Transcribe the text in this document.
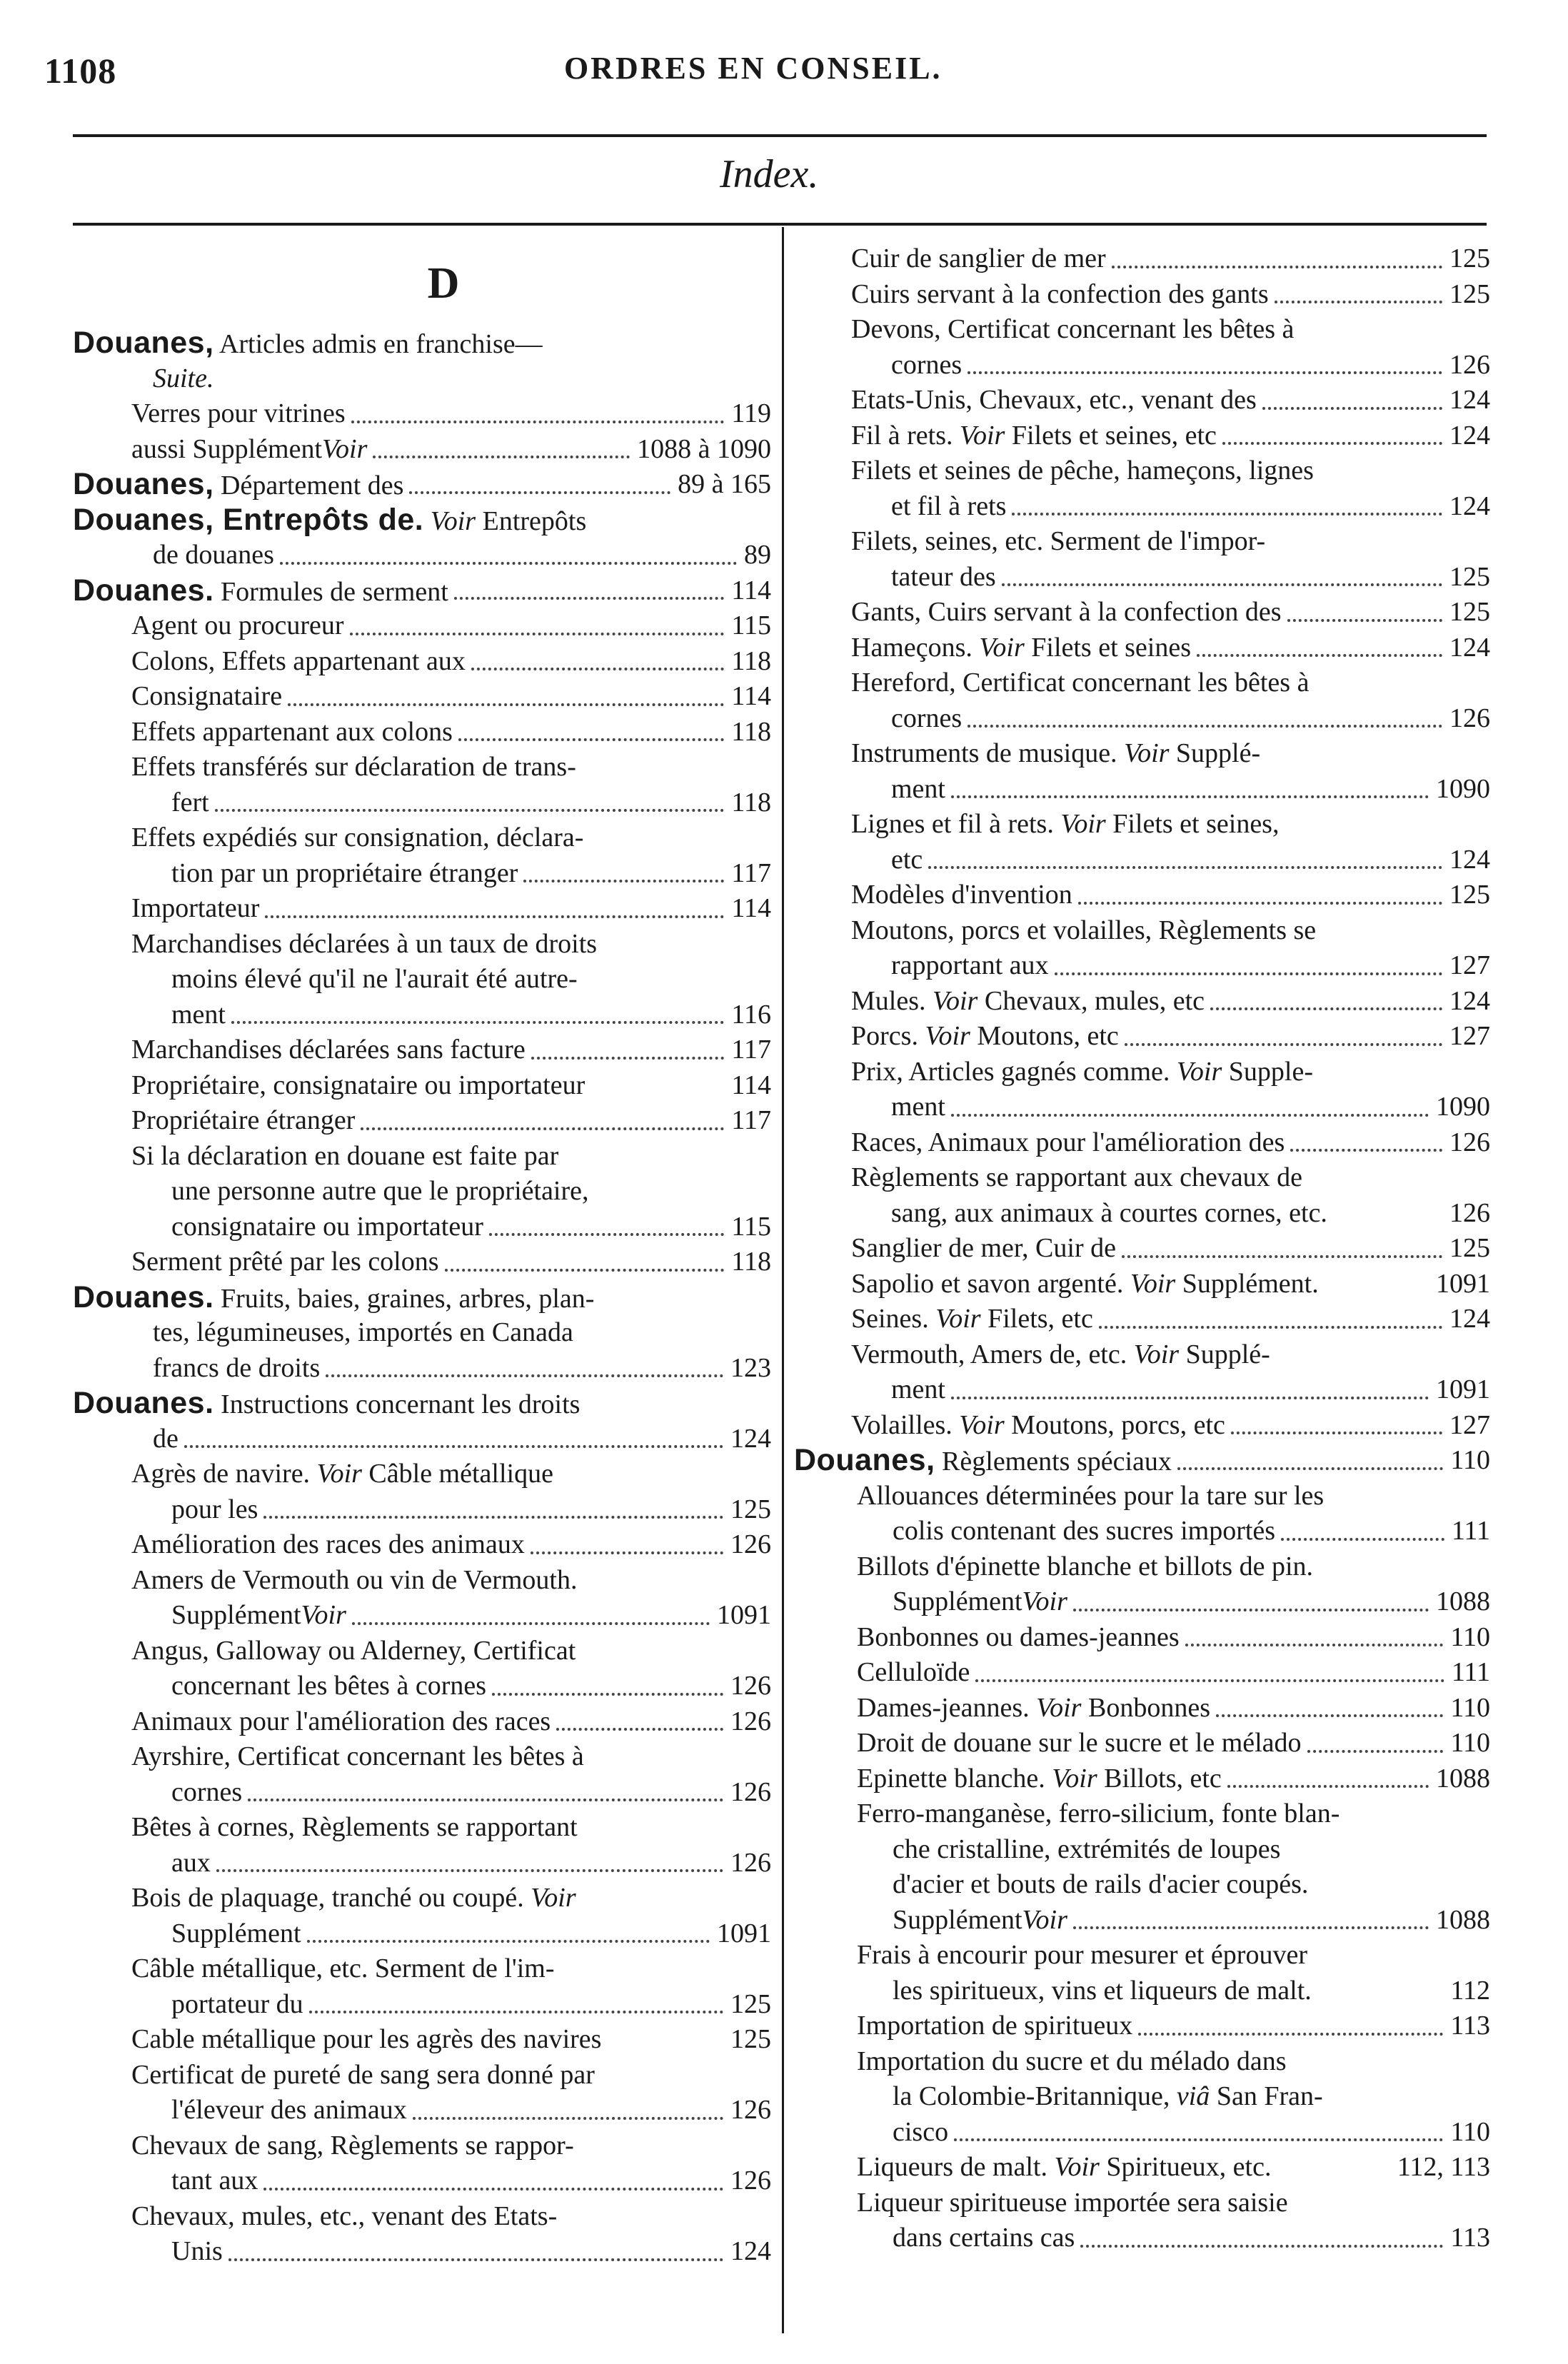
1108	ORDRES EN CONSEIL.
Index.
D
Douanes, Articles admis en franchise—
Suite.
Verres pour vitrines	119
aussi SupplémentVoir	1088 à 1090
Douanes, Département des	89 à 165
Douanes, Entrepôts de. Voir Entrepôts
de douanes	89
Douanes. Formules de serment	114
Agent ou procureur	115
Colons, Effets appartenant aux	118
Consignataire	114
Effets appartenant aux colons	118
Effets transférés sur déclaration de trans-
fert	118
Effets expédiés sur consignation, déclara-
tion par un propriétaire étranger	117
Importateur	114
Marchandises déclarées à un taux de droits
moins élevé qu'il ne l'aurait été autre-
ment	116
Marchandises déclarées sans facture	117
Propriétaire, consignataire ou importateur	114
Propriétaire étranger	117
Si la déclaration en douane est faite par
une personne autre que le propriétaire,
consignataire ou importateur	115
Serment prêté par les colons	118
Douanes. Fruits, baies, graines, arbres, plan-
tes, légumineuses, importés en Canada
francs de droits	123
Douanes. Instructions concernant les droits
de	124
Agrès de navire. Voir Câble métallique
pour les	125
Amélioration des races des animaux	126
Amers de Vermouth ou vin de Vermouth.
SupplémentVoir	1091
Angus, Galloway ou Alderney, Certificat
concernant les bêtes à cornes	126
Animaux pour l'amélioration des races	126
Ayrshire, Certificat concernant les bêtes à
cornes	126
Bêtes à cornes, Règlements se rapportant
aux	126
Bois de plaquage, tranché ou coupé. Voir
Supplément	1091
Câble métallique, etc. Serment de l'im-
portateur du	125
Cable métallique pour les agrès des navires	125
Certificat de pureté de sang sera donné par
l'éleveur des animaux	126
Chevaux de sang, Règlements se rappor-
tant aux	126
Chevaux, mules, etc., venant des Etats-
Unis	124
Cuir de sanglier de mer	125
Cuirs servant à la confection des gants	125
Devons, Certificat concernant les bêtes à
cornes	126
Etats-Unis, Chevaux, etc., venant des	124
Fil à rets. Voir Filets et seines, etc	124
Filets et seines de pêche, hameçons, lignes
et fil à rets	124
Filets, seines, etc. Serment de l'impor-
tateur des	125
Gants, Cuirs servant à la confection des	125
Hameçons. Voir Filets et seines	124
Hereford, Certificat concernant les bêtes à
cornes	126
Instruments de musique. Voir Supplé-
ment	1090
Lignes et fil à rets. Voir Filets et seines,
etc	124
Modèles d'invention	125
Moutons, porcs et volailles, Règlements se
rapportant aux	127
Mules. Voir Chevaux, mules, etc	124
Porcs. Voir Moutons, etc	127
Prix, Articles gagnés comme. Voir Supple-
ment	1090
Races, Animaux pour l'amélioration des	126
Règlements se rapportant aux chevaux de
sang, aux animaux à courtes cornes, etc.	126
Sanglier de mer, Cuir de	125
Sapolio et savon argenté. Voir Supplément.	1091
Seines. Voir Filets, etc	124
Vermouth, Amers de, etc. Voir Supplé-
ment	1091
Volailles. Voir Moutons, porcs, etc	127
Douanes, Règlements spéciaux	110
Allouances déterminées pour la tare sur les
colis contenant des sucres importés	111
Billots d'épinette blanche et billots de pin.
SupplémentVoir	1088
Bonbonnes ou dames-jeannes	110
Celluloïde	111
Dames-jeannes. Voir Bonbonnes	110
Droit de douane sur le sucre et le mélado	110
Epinette blanche. Voir Billots, etc	1088
Ferro-manganèse, ferro-silicium, fonte blan-
che cristalline, extrémités de loupes
d'acier et bouts de rails d'acier coupés.
SupplémentVoir	1088
Frais à encourir pour mesurer et éprouver
les spiritueux, vins et liqueurs de malt.	112
Importation de spiritueux	113
Importation du sucre et du mélado dans
la Colombie-Britannique, viâ San Fran-
cisco	110
Liqueurs de malt. Voir Spiritueux, etc.	112, 113
Liqueur spiritueuse importée sera saisie
dans certains cas	113
